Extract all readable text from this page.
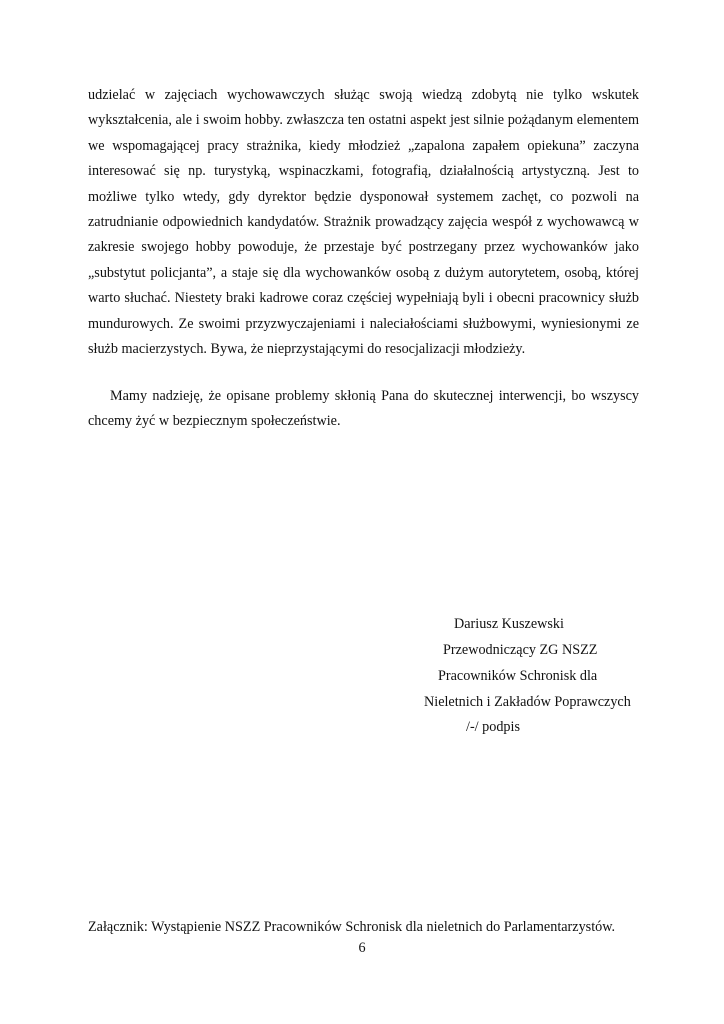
udzielać w zajęciach wychowawczych służąc swoją wiedzą zdobytą nie tylko wskutek wykształcenia, ale i swoim hobby. zwłaszcza ten ostatni aspekt jest silnie pożądanym elementem we wspomagającej pracy strażnika, kiedy młodzież „zapalona zapałem opiekuna” zaczyna interesować się np. turystyką, wspinaczkami, fotografią, działalnością artystyczną. Jest to możliwe tylko wtedy, gdy dyrektor będzie dysponował systemem zachęt, co pozwoli na zatrudnianie odpowiednich kandydatów. Strażnik prowadzący zajęcia wespół z wychowawcą w zakresie swojego hobby powoduje, że przestaje być postrzegany przez wychowanków jako „substytut policjanta”, a staje się dla wychowanków osobą z dużym autorytetem, osobą, której warto słuchać. Niestety braki kadrowe coraz częściej wypełniają byli i obecni pracownicy służb mundurowych. Ze swoimi przyzwyczajeniami i naleciałościami służbowymi, wyniesionymi ze służb macierzystych. Bywa, że nieprzystającymi do resocjalizacji młodzieży.

Mamy nadzieję, że opisane problemy skłonią Pana do skutecznej interwencji, bo wszyscy chcemy żyć w bezpiecznym społeczeństwie.

Dariusz Kuszewski

Przewodniczący ZG NSZZ

Pracowników Schronisk dla

Nieletnich i Zakładów Poprawczych

/-/ podpis

Załącznik: Wystąpienie NSZZ Pracowników Schronisk dla nieletnich do Parlamentarzystów.

6
